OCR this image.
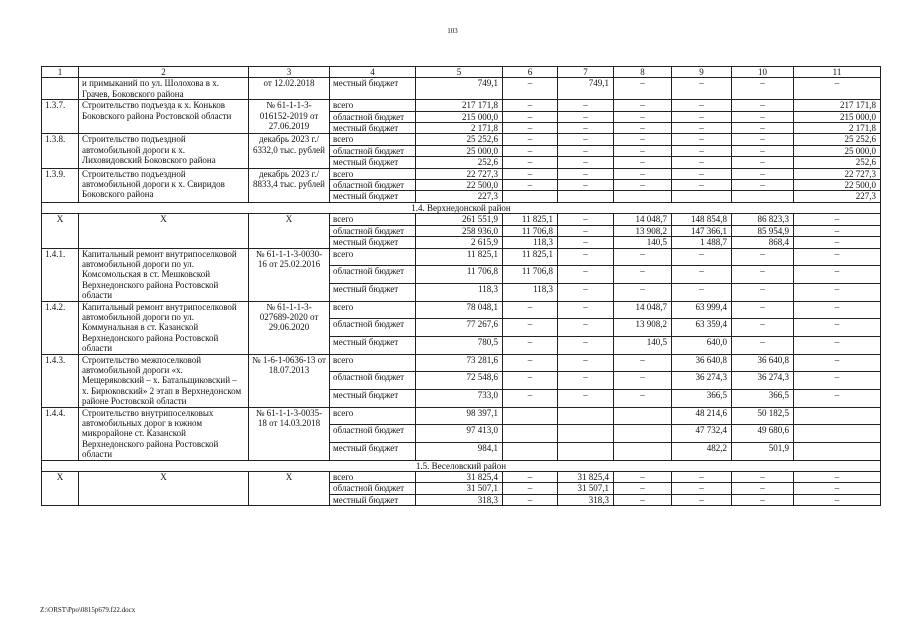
103
1	2	3	4	5	6	7	8	9	10	11
	и примыканий по ул. Шолохова в х. Грачев, Боковского района	от 12.02.2018	местный бюджет	749,1	–	749,1	–	–	–	–
1.3.7.	Строительство подъезда к х. Коньков Боковского района Ростовской области	№ 61-1-1-3-016152-2019 от 27.06.2019	всего	217 171,8	–	–	–	–	–	217 171,8
			областной бюджет	215 000,0	–	–	–	–	–	215 000,0
			местный бюджет	2 171,8	–	–	–	–	–	2 171,8
1.3.8.	Строительство подъездной автомобильной дороги к х. Лиховидовский Боковского района	декабрь 2023 г./ 6332,0 тыс. рублей	всего	25 252,6	–	–	–	–	–	25 252,6
			областной бюджет	25 000,0	–	–	–	–	–	25 000,0
			местный бюджет	252,6	–	–	–	–	–	252,6
1.3.9.	Строительство подъездной автомобильной дороги к х. Свиридов Боковского района	декабрь 2023 г./ 8833,4 тыс. рублей	всего	22 727,3	–	–	–	–	–	22 727,3
			областной бюджет	22 500,0	–	–	–	–	–	22 500,0
			местный бюджет	227,3						227,3
1.4. Верхнедонской район										
Х	Х	Х	всего	261 551,9	11 825,1	–	14 048,7	148 854,8	86 823,3	–
			областной бюджет	258 936,0	11 706,8	–	13 908,2	147 366,1	85 954,9	–
			местный бюджет	2 615,9	118,3	–	140,5	1 488,7	868,4	–
1.4.1.	Капитальный ремонт внутрипоселковой автомобильной дороги по ул. Комсомольская в ст. Мешковской Верхнедонского района Ростовской области	№ 61-1-1-3-0030-16 от 25.02.2016	всего	11 825,1	11 825,1	–	–	–	–	–
			областной бюджет	11 706,8	11 706,8	–	–	–	–	–
			местный бюджет	118,3	118,3	–	–	–	–	–
1.4.2.	Капитальный ремонт внутрипоселковой автомобильной дороги по ул. Коммунальная в ст. Казанской Верхнедонского района Ростовской области	№ 61-1-1-3-027689-2020 от 29.06.2020	всего	78 048,1	–	–	14 048,7	63 999,4	–	–
			областной бюджет	77 267,6	–	–	13 908,2	63 359,4	–	–
			местный бюджет	780,5	–	–	140,5	640,0	–	–
1.4.3.	Строительство межпоселковой автомобильной дороги «х. Мещеряковский – х. Батальщиковский – х. Бирюковский» 2 этап в Верхнедонском районе Ростовской области	№ 1-6-1-0636-13 от 18.07.2013	всего	73 281,6	–	–	–	36 640,8	36 640,8	–
			областной бюджет	72 548,6	–	–	–	36 274,3	36 274,3	–
			местный бюджет	733,0	–	–	–	366,5	366,5	–
1.4.4.	Строительство внутрипоселковых автомобильных дорог в южном микрорайоне ст. Казанской Верхнедонского района Ростовской области	№ 61-1-1-3-0035-18 от 14.03.2018	всего	98 397,1				48 214,6	50 182,5	
			областной бюджет	97 413,0				47 732,4	49 680,6	
			местный бюджет	984,1				482,2	501,9	
1.5. Веселовский район										
Х	Х	Х	всего	31 825,4	–	31 825,4	–	–	–	–
			областной бюджет	31 507,1	–	31 507,1	–	–	–	–
			местный бюджет	318,3	–	318,3	–	–	–	–
Z:\ORST\Ppo\0815p679.f22.docx
